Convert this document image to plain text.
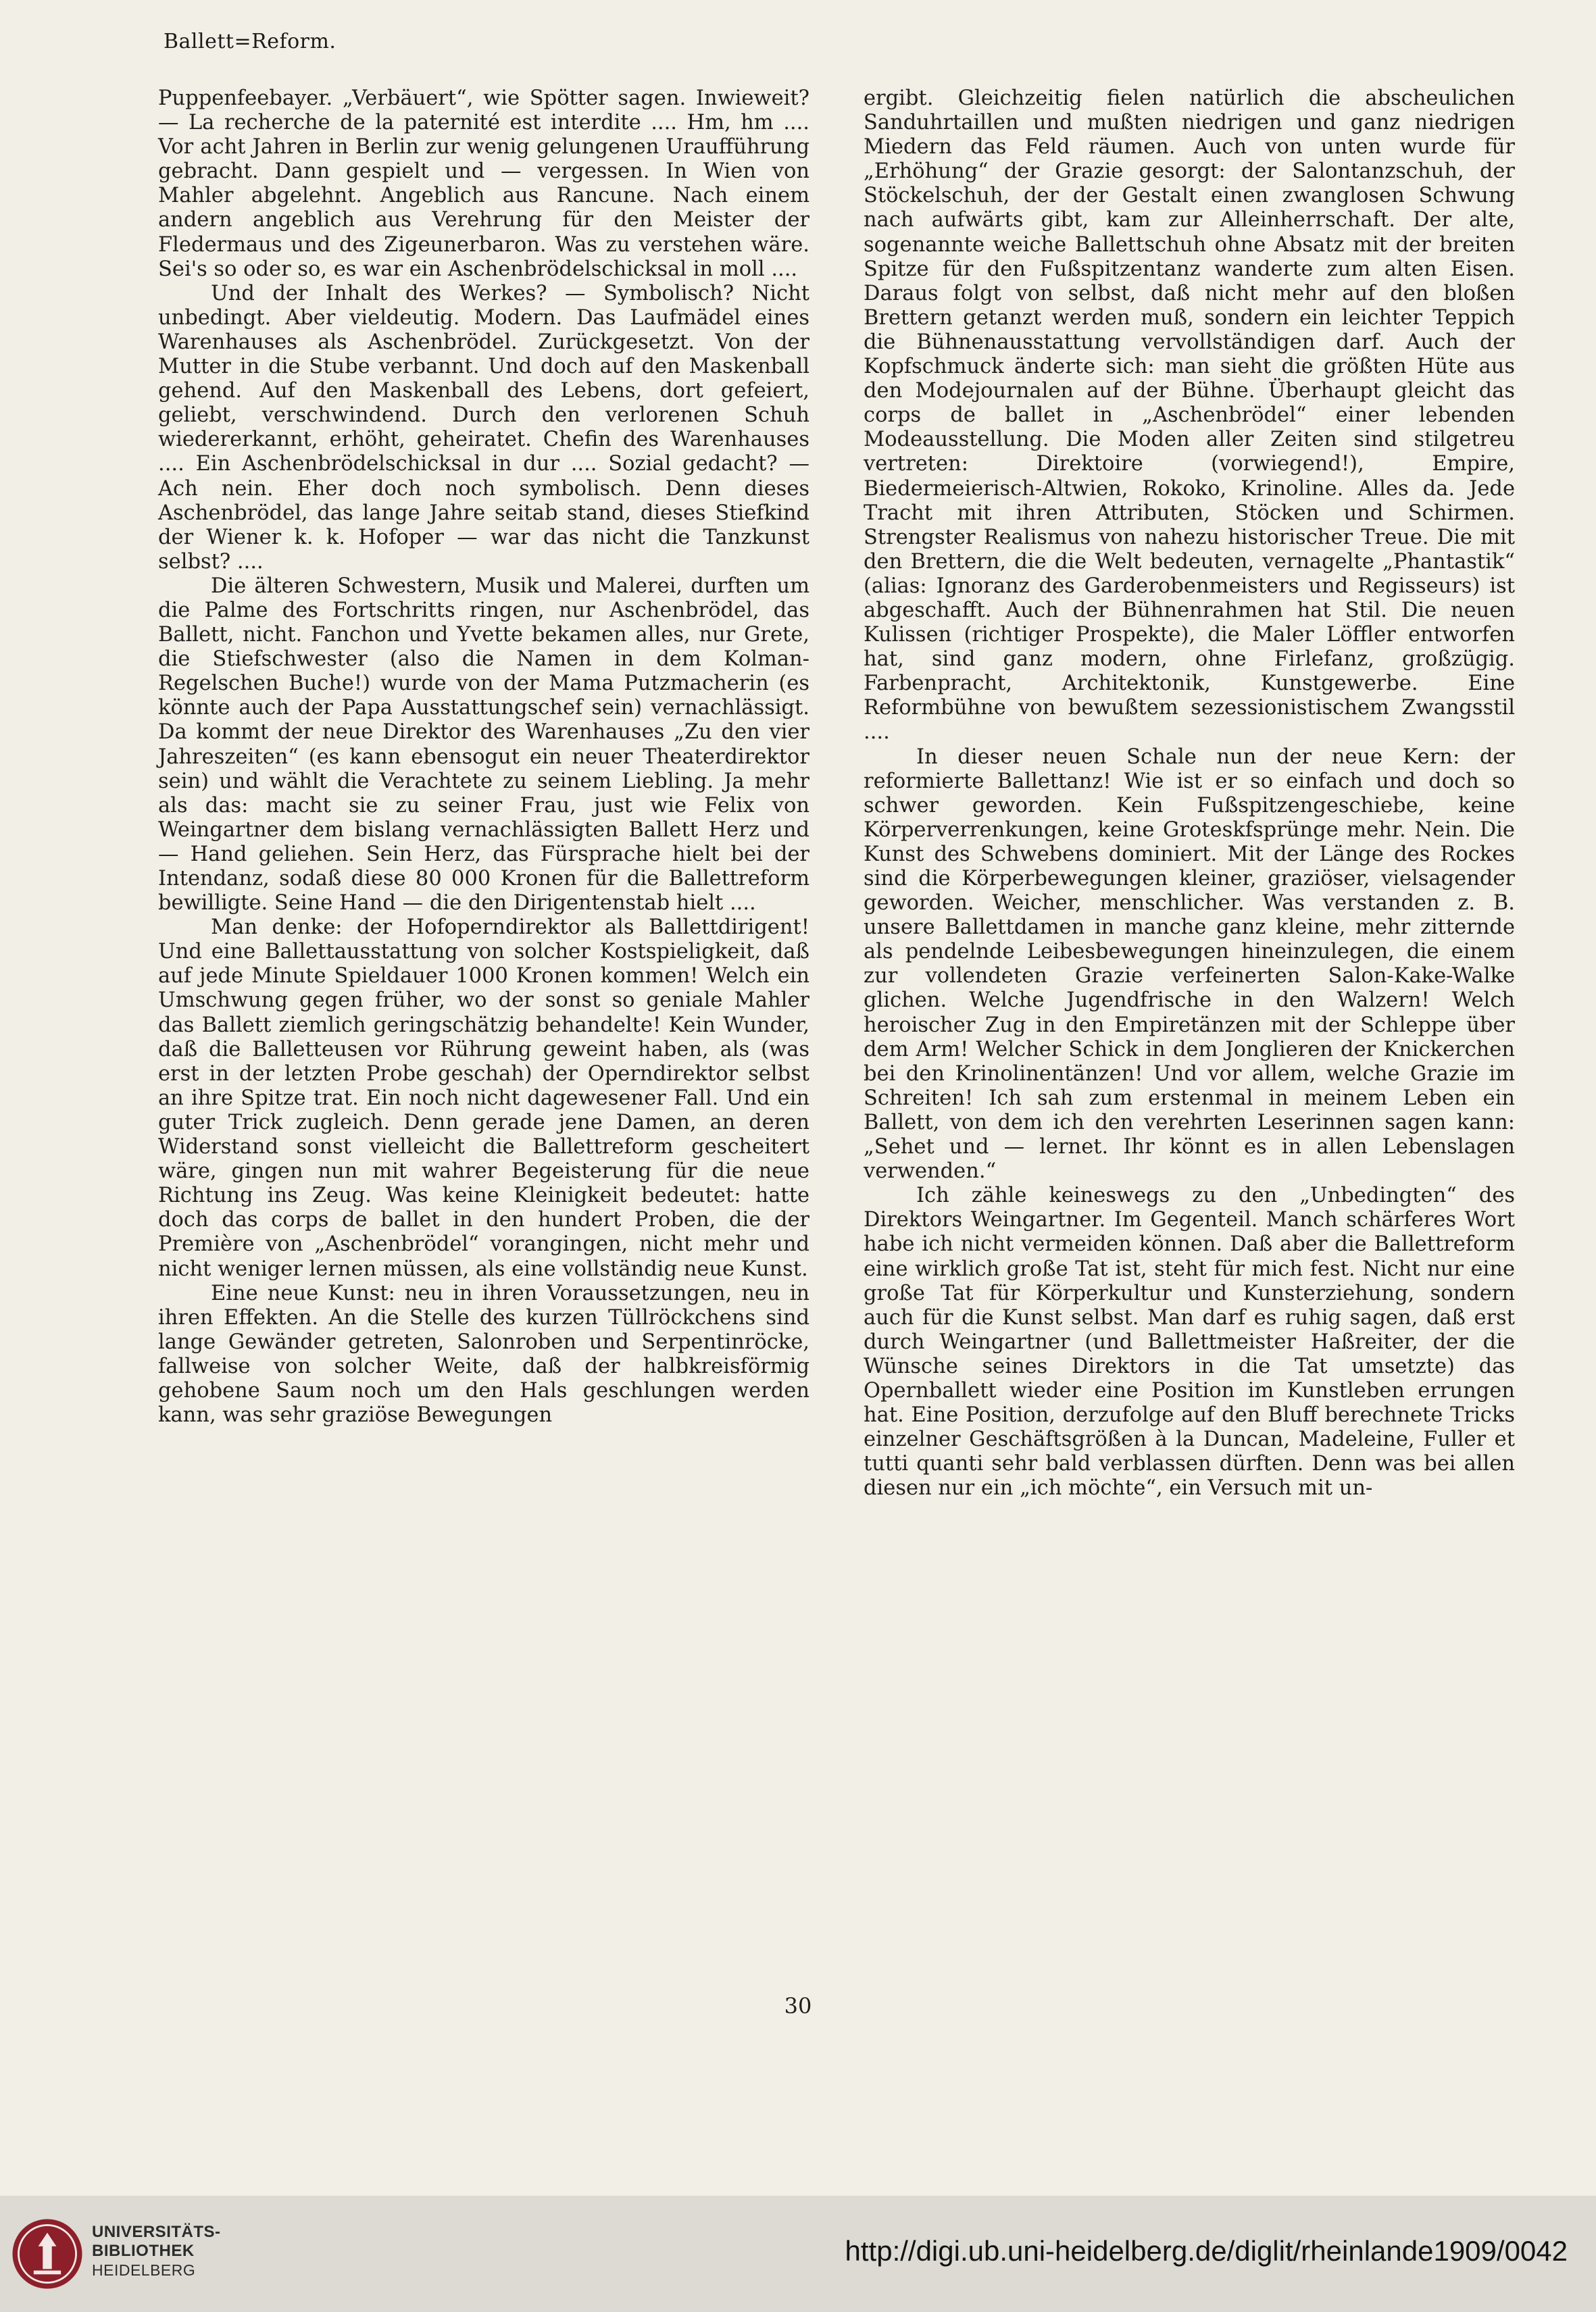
Ballett=Reform.

Puppenfeebayer. „Verbäuert“, wie Spötter sagen. Inwieweit? — La recherche de la paternité est interdite .... Hm, hm .... Vor acht Jahren in Berlin zur wenig gelungenen Uraufführung gebracht. Dann gespielt und — vergessen. In Wien von Mahler abgelehnt. Angeblich aus Rancune. Nach einem andern angeblich aus Verehrung für den Meister der Fledermaus und des Zigeunerbaron. Was zu verstehen wäre. Sei's so oder so, es war ein Aschenbrödelschicksal in moll ....

Und der Inhalt des Werkes? — Symbolisch? Nicht unbedingt. Aber vieldeutig. Modern. Das Laufmädel eines Warenhauses als Aschenbrödel. Zurückgesetzt. Von der Mutter in die Stube verbannt. Und doch auf den Maskenball gehend. Auf den Maskenball des Lebens, dort gefeiert, geliebt, verschwindend. Durch den verlorenen Schuh wiedererkannt, erhöht, geheiratet. Chefin des Warenhauses .... Ein Aschenbrödelschicksal in dur .... Sozial gedacht? — Ach nein. Eher doch noch symbolisch. Denn dieses Aschenbrödel, das lange Jahre seitab stand, dieses Stiefkind der Wiener k. k. Hofoper — war das nicht die Tanzkunst selbst? ....

Die älteren Schwestern, Musik und Malerei, durften um die Palme des Fortschritts ringen, nur Aschenbrödel, das Ballett, nicht. Fanchon und Yvette bekamen alles, nur Grete, die Stiefschwester (also die Namen in dem Kolman-Regelschen Buche!) wurde von der Mama Putzmacherin (es könnte auch der Papa Ausstattungschef sein) vernachlässigt. Da kommt der neue Direktor des Warenhauses „Zu den vier Jahreszeiten“ (es kann ebensogut ein neuer Theaterdirektor sein) und wählt die Verachtete zu seinem Liebling. Ja mehr als das: macht sie zu seiner Frau, just wie Felix von Weingartner dem bislang vernachlässigten Ballett Herz und — Hand geliehen. Sein Herz, das Fürsprache hielt bei der Intendanz, sodaß diese 80 000 Kronen für die Ballettreform bewilligte. Seine Hand — die den Dirigentenstab hielt ....

Man denke: der Hofoperndirektor als Ballettdirigent! Und eine Ballettausstattung von solcher Kostspieligkeit, daß auf jede Minute Spieldauer 1000 Kronen kommen! Welch ein Umschwung gegen früher, wo der sonst so geniale Mahler das Ballett ziemlich geringschätzig behandelte! Kein Wunder, daß die Balletteusen vor Rührung geweint haben, als (was erst in der letzten Probe geschah) der Operndirektor selbst an ihre Spitze trat. Ein noch nicht dagewesener Fall. Und ein guter Trick zugleich. Denn gerade jene Damen, an deren Widerstand sonst vielleicht die Ballettreform gescheitert wäre, gingen nun mit wahrer Begeisterung für die neue Richtung ins Zeug. Was keine Kleinigkeit bedeutet: hatte doch das corps de ballet in den hundert Proben, die der Première von „Aschenbrödel“ vorangingen, nicht mehr und nicht weniger lernen müssen, als eine vollständig neue Kunst.

Eine neue Kunst: neu in ihren Voraussetzungen, neu in ihren Effekten. An die Stelle des kurzen Tüllröckchens sind lange Gewänder getreten, Salonroben und Serpentinröcke, fallweise von solcher Weite, daß der halbkreisförmig gehobene Saum noch um den Hals geschlungen werden kann, was sehr graziöse Bewegungen

ergibt. Gleichzeitig fielen natürlich die abscheulichen Sanduhrtaillen und mußten niedrigen und ganz niedrigen Miedern das Feld räumen. Auch von unten wurde für „Erhöhung“ der Grazie gesorgt: der Salontanzschuh, der Stöckelschuh, der der Gestalt einen zwanglosen Schwung nach aufwärts gibt, kam zur Alleinherrschaft. Der alte, sogenannte weiche Ballettschuh ohne Absatz mit der breiten Spitze für den Fußspitzentanz wanderte zum alten Eisen. Daraus folgt von selbst, daß nicht mehr auf den bloßen Brettern getanzt werden muß, sondern ein leichter Teppich die Bühnenausstattung vervollständigen darf. Auch der Kopfschmuck änderte sich: man sieht die größten Hüte aus den Modejournalen auf der Bühne. Überhaupt gleicht das corps de ballet in „Aschenbrödel“ einer lebenden Modeausstellung. Die Moden aller Zeiten sind stilgetreu vertreten: Direktoire (vorwiegend!), Empire, Biedermeierisch-Altwien, Rokoko, Krinoline. Alles da. Jede Tracht mit ihren Attributen, Stöcken und Schirmen. Strengster Realismus von nahezu historischer Treue. Die mit den Brettern, die die Welt bedeuten, vernagelte „Phantastik“ (alias: Ignoranz des Garderobenmeisters und Regisseurs) ist abgeschafft. Auch der Bühnenrahmen hat Stil. Die neuen Kulissen (richtiger Prospekte), die Maler Löffler entworfen hat, sind ganz modern, ohne Firlefanz, großzügig. Farbenpracht, Architektonik, Kunstgewerbe. Eine Reformbühne von bewußtem sezessionistischem Zwangsstil ....

In dieser neuen Schale nun der neue Kern: der reformierte Ballettanz! Wie ist er so einfach und doch so schwer geworden. Kein Fußspitzengeschiebe, keine Körperverrenkungen, keine Groteskfsprünge mehr. Nein. Die Kunst des Schwebens dominiert. Mit der Länge des Rockes sind die Körperbewegungen kleiner, graziöser, vielsagender geworden. Weicher, menschlicher. Was verstanden z. B. unsere Ballettdamen in manche ganz kleine, mehr zitternde als pendelnde Leibesbewegungen hineinzulegen, die einem zur vollendeten Grazie verfeinerten Salon-Kake-Walke glichen. Welche Jugendfrische in den Walzern! Welch heroischer Zug in den Empiretänzen mit der Schleppe über dem Arm! Welcher Schick in dem Jonglieren der Knickerchen bei den Krinolinentänzen! Und vor allem, welche Grazie im Schreiten! Ich sah zum erstenmal in meinem Leben ein Ballett, von dem ich den verehrten Leserinnen sagen kann: „Sehet und — lernet. Ihr könnt es in allen Lebenslagen verwenden.“

Ich zähle keineswegs zu den „Unbedingten“ des Direktors Weingartner. Im Gegenteil. Manch schärferes Wort habe ich nicht vermeiden können. Daß aber die Ballettreform eine wirklich große Tat ist, steht für mich fest. Nicht nur eine große Tat für Körperkultur und Kunsterziehung, sondern auch für die Kunst selbst. Man darf es ruhig sagen, daß erst durch Weingartner (und Ballettmeister Haßreiter, der die Wünsche seines Direktors in die Tat umsetzte) das Opernballett wieder eine Position im Kunstleben errungen hat. Eine Position, derzufolge auf den Bluff berechnete Tricks einzelner Geschäftsgrößen à la Duncan, Madeleine, Fuller et tutti quanti sehr bald verblassen dürften. Denn was bei allen diesen nur ein „ich möchte“, ein Versuch mit un-

30
UNIVERSITÄTS-
BIBLIOTHEK
HEIDELBERG
http://digi.ub.uni-heidelberg.de/diglit/rheinlande1909/0042
